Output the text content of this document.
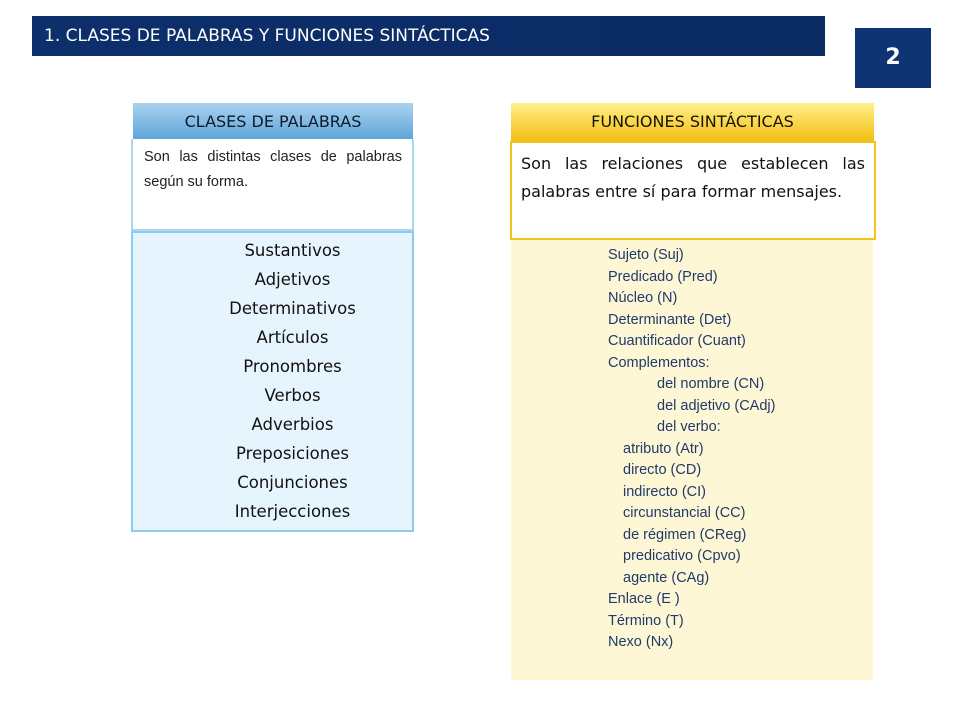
1. CLASES DE PALABRAS Y FUNCIONES SINTÁCTICAS
2
CLASES DE PALABRAS
Son las distintas clases de palabras según su forma.
Sustantivos
Adjetivos
Determinativos
Artículos
Pronombres
Verbos
Adverbios
Preposiciones
Conjunciones
Interjecciones
FUNCIONES SINTÁCTICAS
Son las relaciones que establecen las palabras entre sí para formar mensajes.
Sujeto (Suj)
Predicado (Pred)
Núcleo (N)
Determinante (Det)
Cuantificador (Cuant)
Complementos:
del nombre (CN)
del adjetivo (CAdj)
del verbo:
atributo (Atr)
directo (CD)
indirecto (CI)
circunstancial (CC)
de régimen (CReg)
predicativo (Cpvo)
agente (CAg)
Enlace (E )
Término (T)
Nexo (Nx)
